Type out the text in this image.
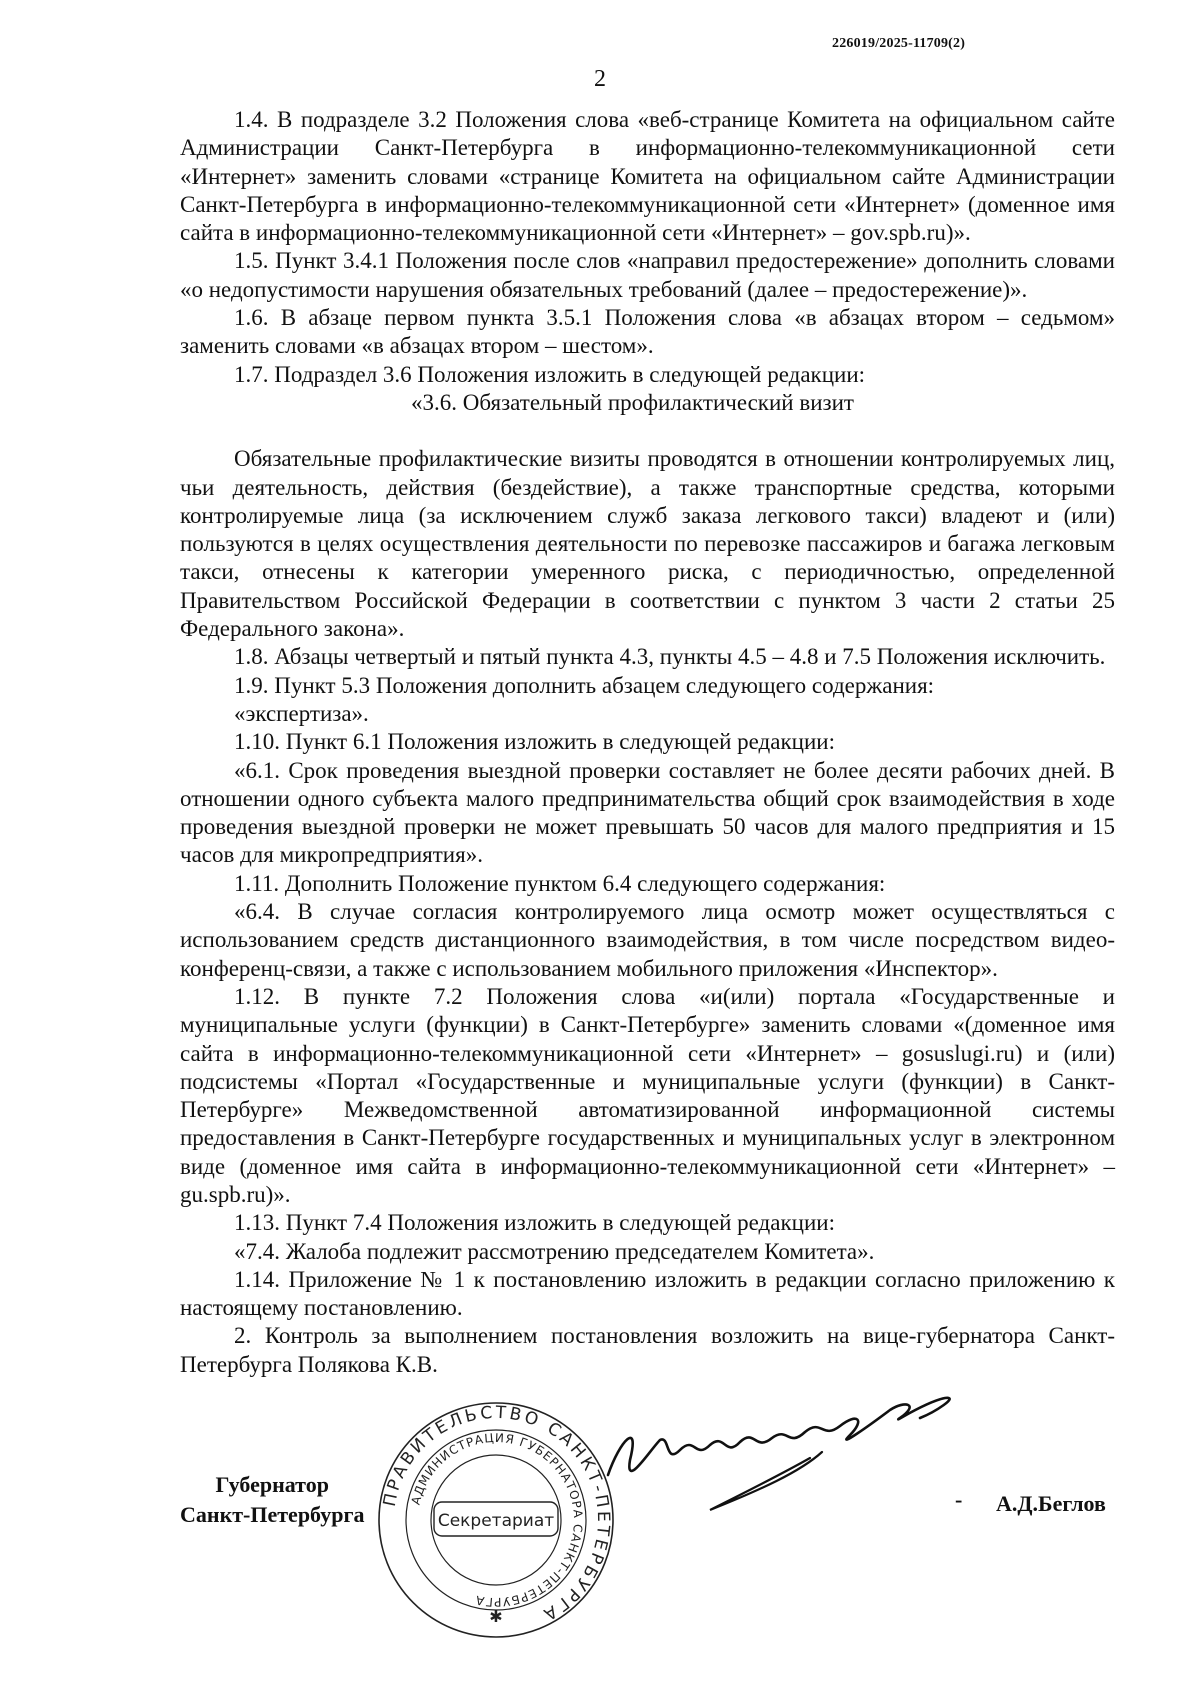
226019/2025-11709(2)
2

1.4. В подразделе 3.2 Положения слова «веб-странице Комитета на официальном сайте Администрации Санкт-Петербурга в информационно-телекоммуникационной сети «Интернет» заменить словами «странице Комитета на официальном сайте Администрации Санкт-Петербурга в информационно-телекоммуникационной сети «Интернет» (доменное имя сайта в информационно-телекоммуникационной сети «Интернет» – gov.spb.ru)».

1.5. Пункт 3.4.1 Положения после слов «направил предостережение» дополнить словами «о недопустимости нарушения обязательных требований (далее – предостережение)».

1.6. В абзаце первом пункта 3.5.1 Положения слова «в абзацах втором – седьмом» заменить словами «в абзацах втором – шестом».

1.7. Подраздел 3.6 Положения изложить в следующей редакции:

«3.6. Обязательный профилактический визит

Обязательные профилактические визиты проводятся в отношении контролируемых лиц, чьи деятельность, действия (бездействие), а также транспортные средства, которыми контролируемые лица (за исключением служб заказа легкового такси) владеют и (или) пользуются в целях осуществления деятельности по перевозке пассажиров и багажа легковым такси, отнесены к категории умеренного риска, с периодичностью, определенной Правительством Российской Федерации в соответствии с пунктом 3 части 2 статьи 25 Федерального закона».

1.8. Абзацы четвертый и пятый пункта 4.3, пункты 4.5 – 4.8 и 7.5 Положения исключить.

1.9. Пункт 5.3 Положения дополнить абзацем следующего содержания:

«экспертиза».

1.10. Пункт 6.1 Положения изложить в следующей редакции:

«6.1. Срок проведения выездной проверки составляет не более десяти рабочих дней. В отношении одного субъекта малого предпринимательства общий срок взаимодействия в ходе проведения выездной проверки не может превышать 50 часов для малого предприятия и 15 часов для микропредприятия».

1.11. Дополнить Положение пунктом 6.4 следующего содержания:

«6.4. В случае согласия контролируемого лица осмотр может осуществляться с использованием средств дистанционного взаимодействия, в том числе посредством видео-конференц-связи, а также с использованием мобильного приложения «Инспектор».

1.12. В пункте 7.2 Положения слова «и(или) портала «Государственные и муниципальные услуги (функции) в Санкт-Петербурге» заменить словами «(доменное имя сайта в информационно-телекоммуникационной сети «Интернет» – gosuslugi.ru) и (или) подсистемы «Портал «Государственные и муниципальные услуги (функции) в Санкт-Петербурге» Межведомственной автоматизированной информационной системы предоставления в Санкт-Петербурге государственных и муниципальных услуг в электронном виде (доменное имя сайта в информационно-телекоммуникационной сети «Интернет» – gu.spb.ru)».

1.13. Пункт 7.4 Положения изложить в следующей редакции:

«7.4. Жалоба подлежит рассмотрению председателем Комитета».

1.14. Приложение № 1 к постановлению изложить в редакции согласно приложению к настоящему постановлению.

2. Контроль за выполнением постановления возложить на вице-губернатора Санкт-Петербурга Полякова К.В.

Губернатор
Санкт-Петербурга
ПРАВИТЕЛЬСТВО САНКТ-ПЕТЕРБУРГА
АДМИНИСТРАЦИЯ ГУБЕРНАТОРА САНКТ-ПЕТЕРБУРГА
Секретариат
✱
- А.Д.Беглов
